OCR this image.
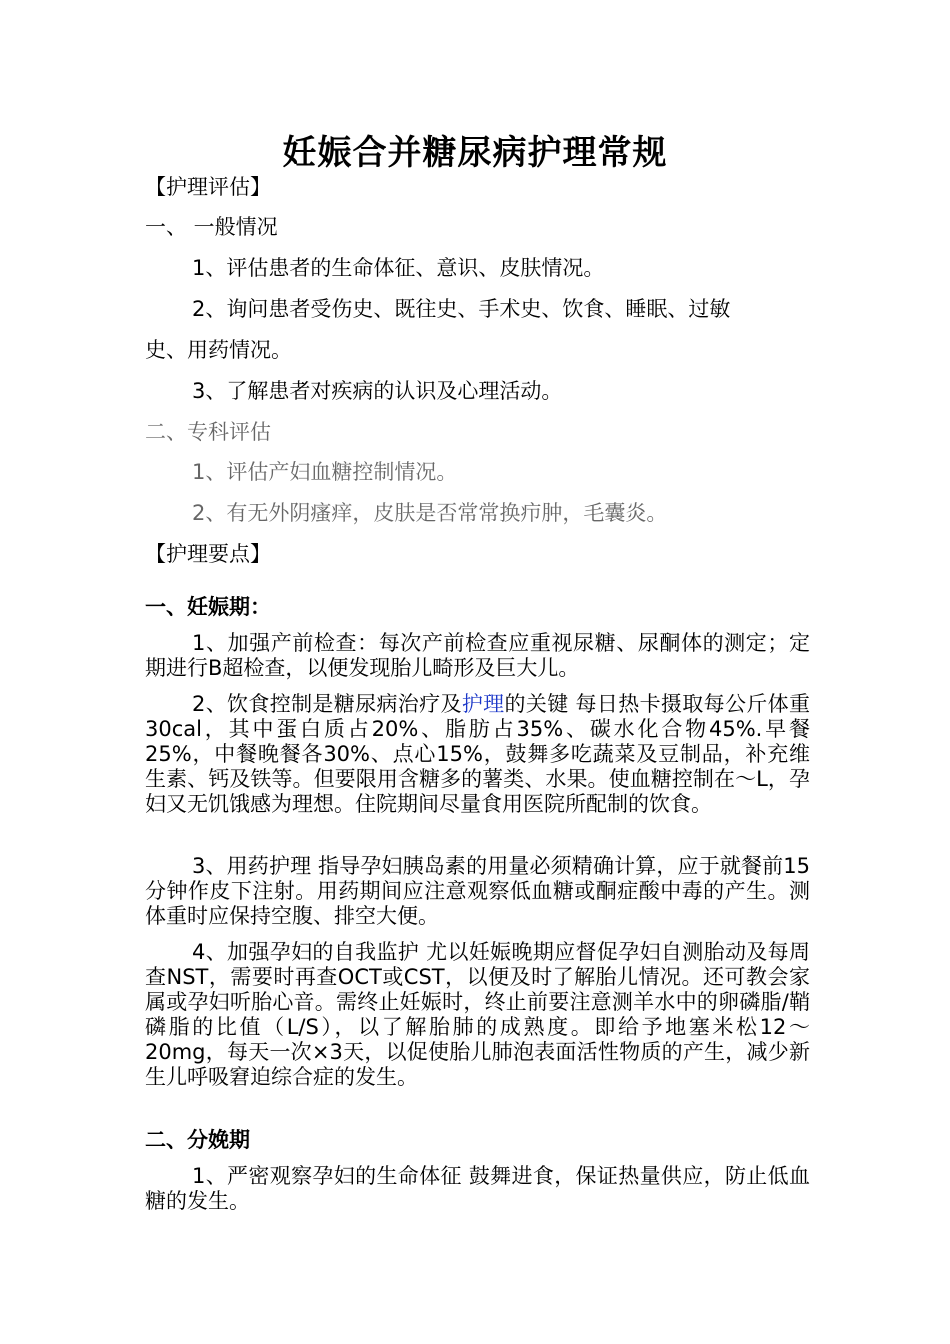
妊娠合并糖尿病护理常规
【护理评估】
一、 一般情况
1、评估患者的生命体征、意识、皮肤情况。
2、询问患者受伤史、既往史、手术史、饮食、睡眠、过敏
史、用药情况。
3、了解患者对疾病的认识及心理活动。
二、专科评估
1、评估产妇血糖控制情况。
2、有无外阴瘙痒，皮肤是否常常换疖肿，毛囊炎。
【护理要点】
一、妊娠期：
1、加强产前检查：每次产前检查应重视尿糖、尿酮体的测定；定期进行B超检查，以便发现胎儿畸形及巨大儿。
2、饮食控制是糖尿病治疗及护理的关键 每日热卡摄取每公斤体重30cal，其中蛋白质占20%、脂肪占35%、碳水化合物45%.早餐25%，中餐晚餐各30%、点心15%，鼓舞多吃蔬菜及豆制品，补充维生素、钙及铁等。但要限用含糖多的薯类、水果。使血糖控制在～L，孕妇又无饥饿感为理想。住院期间尽量食用医院所配制的饮食。
3、用药护理 指导孕妇胰岛素的用量必须精确计算，应于就餐前15分钟作皮下注射。用药期间应注意观察低血糖或酮症酸中毒的产生。测体重时应保持空腹、排空大便。
4、加强孕妇的自我监护 尤以妊娠晚期应督促孕妇自测胎动及每周查NST，需要时再查OCT或CST，以便及时了解胎儿情况。还可教会家属或孕妇听胎心音。需终止妊娠时，终止前要注意测羊水中的卵磷脂/鞘磷脂的比值（L/S），以了解胎肺的成熟度。即给予地塞米松12～20mg，每天一次×3天，以促使胎儿肺泡表面活性物质的产生，减少新生儿呼吸窘迫综合症的发生。
二、分娩期
1、严密观察孕妇的生命体征 鼓舞进食，保证热量供应，防止低血糖的发生。
